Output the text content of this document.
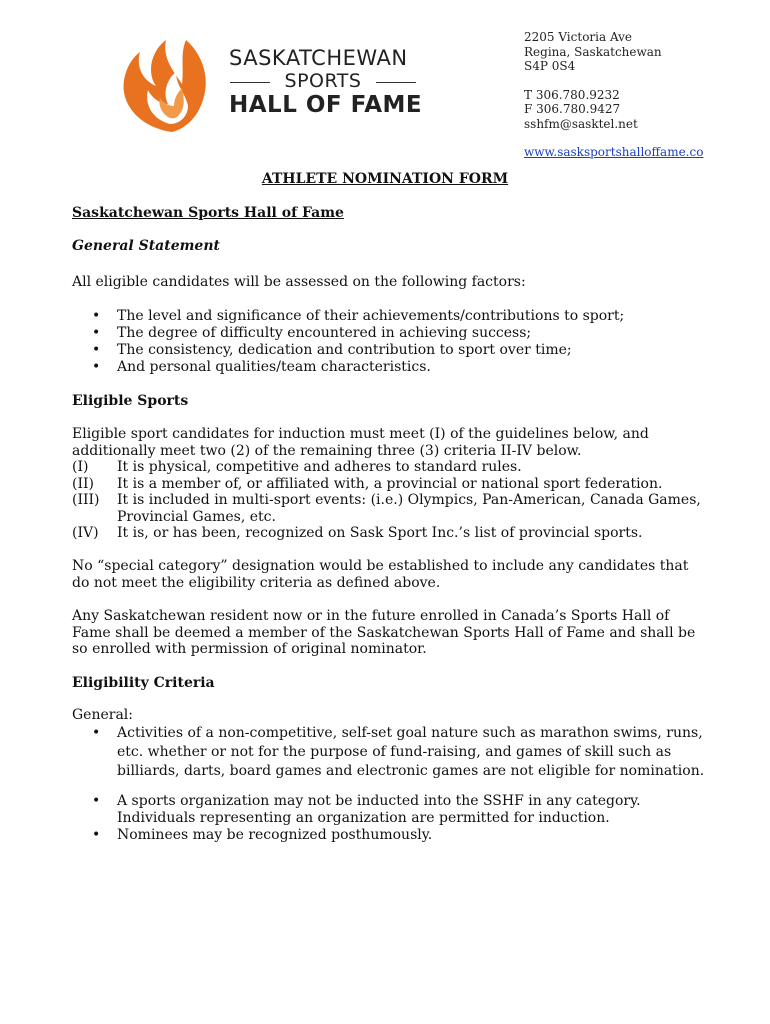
SASKATCHEWAN
SPORTS
HALL OF FAME
2205 Victoria Ave
Regina, Saskatchewan
S4P 0S4
T 306.780.9232
F 306.780.9427
sshfm@sasktel.net
www.sasksportshalloffame.co
ATHLETE NOMINATION FORM
Saskatchewan Sports Hall of Fame
General Statement
All eligible candidates will be assessed on the following factors:
• The level and significance of their achievements/contributions to sport;
• The degree of difficulty encountered in achieving success;
• The consistency, dedication and contribution to sport over time;
• And personal qualities/team characteristics.
Eligible Sports
Eligible sport candidates for induction must meet (I) of the guidelines below, and additionally meet two (2) of the remaining three (3) criteria II-IV below.
(I)	It is physical, competitive and adheres to standard rules.
(II)	It is a member of, or affiliated with, a provincial or national sport federation.
(III)	It is included in multi-sport events: (i.e.) Olympics, Pan-American, Canada Games, Provincial Games, etc.
(IV)	It is, or has been, recognized on Sask Sport Inc.’s list of provincial sports.
No “special category” designation would be established to include any candidates that do not meet the eligibility criteria as defined above.
Any Saskatchewan resident now or in the future enrolled in Canada’s Sports Hall of Fame shall be deemed a member of the Saskatchewan Sports Hall of Fame and shall be so enrolled with permission of original nominator.
Eligibility Criteria
General:
• Activities of a non-competitive, self-set goal nature such as marathon swims, runs, etc. whether or not for the purpose of fund-raising, and games of skill such as billiards, darts, board games and electronic games are not eligible for nomination.
• A sports organization may not be inducted into the SSHF in any category. Individuals representing an organization are permitted for induction.
• Nominees may be recognized posthumously.
